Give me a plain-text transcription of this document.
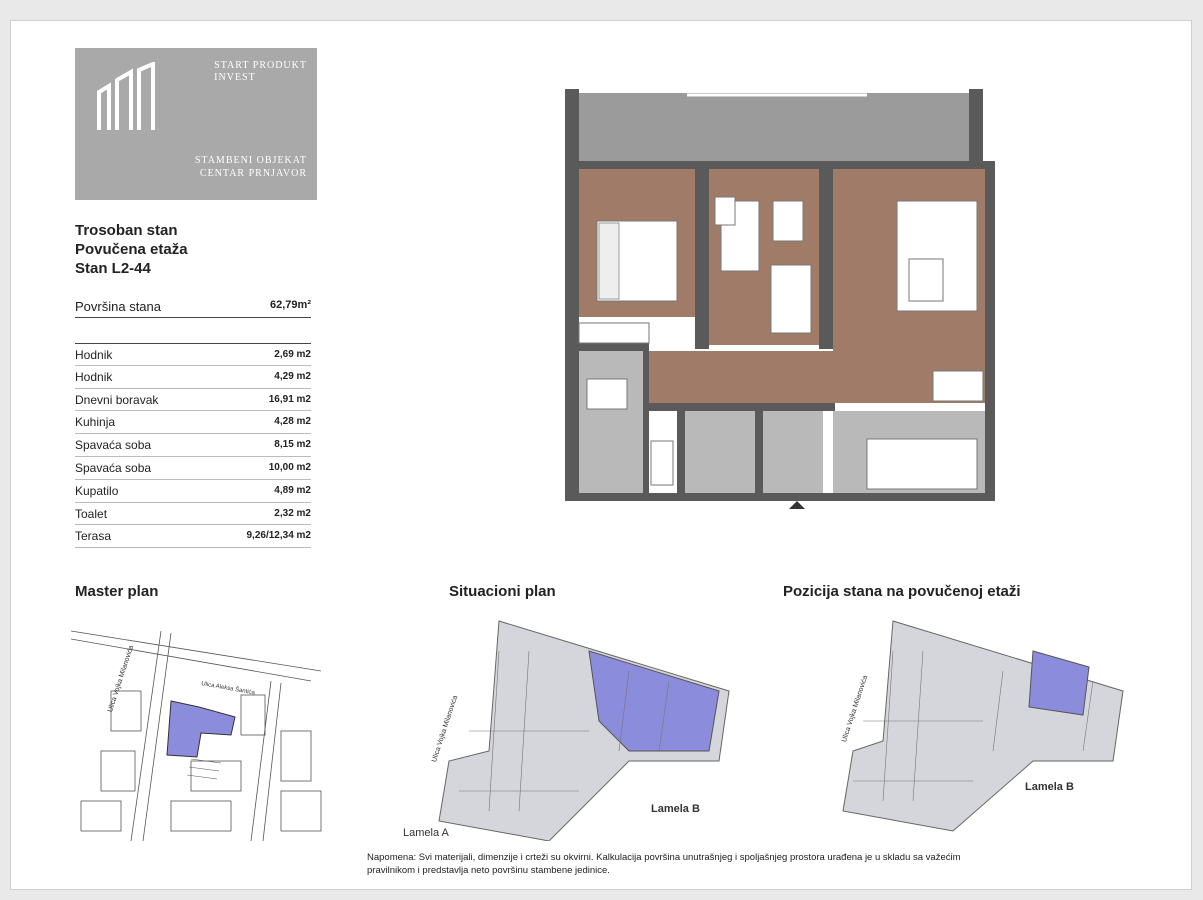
START PRODUKT
INVEST
STAMBENI OBJEKAT
CENTAR PRNJAVOR
Trosoban stan
Povučena etaža
Stan L2-44
Površina stana	62,79m²
Hodnik	2,69 m2
Hodnik	4,29 m2
Dnevni boravak	16,91 m2
Kuhinja	4,28 m2
Spavaća soba	8,15 m2
Spavaća soba	10,00 m2
Kupatilo	4,89 m2
Toalet	2,32 m2
Terasa	9,26/12,34 m2
Master plan	Situacioni plan	Pozicija stana na povučenoj etaži
Ulica Aleksa Šantića
Lamela B
Lamela A
Lamela B
Ulica Vojka Milanovića
Ulica Vojka Milanovića	Ulica Vojka Milanovića
Napomena: Svi materijali, dimenzije i crteži su okvirni. Kalkulacija površina unutrašnjeg i spoljašnjeg prostora urađena je u skladu sa važećim pravilnikom i predstavlja neto površinu stambene jedinice.
